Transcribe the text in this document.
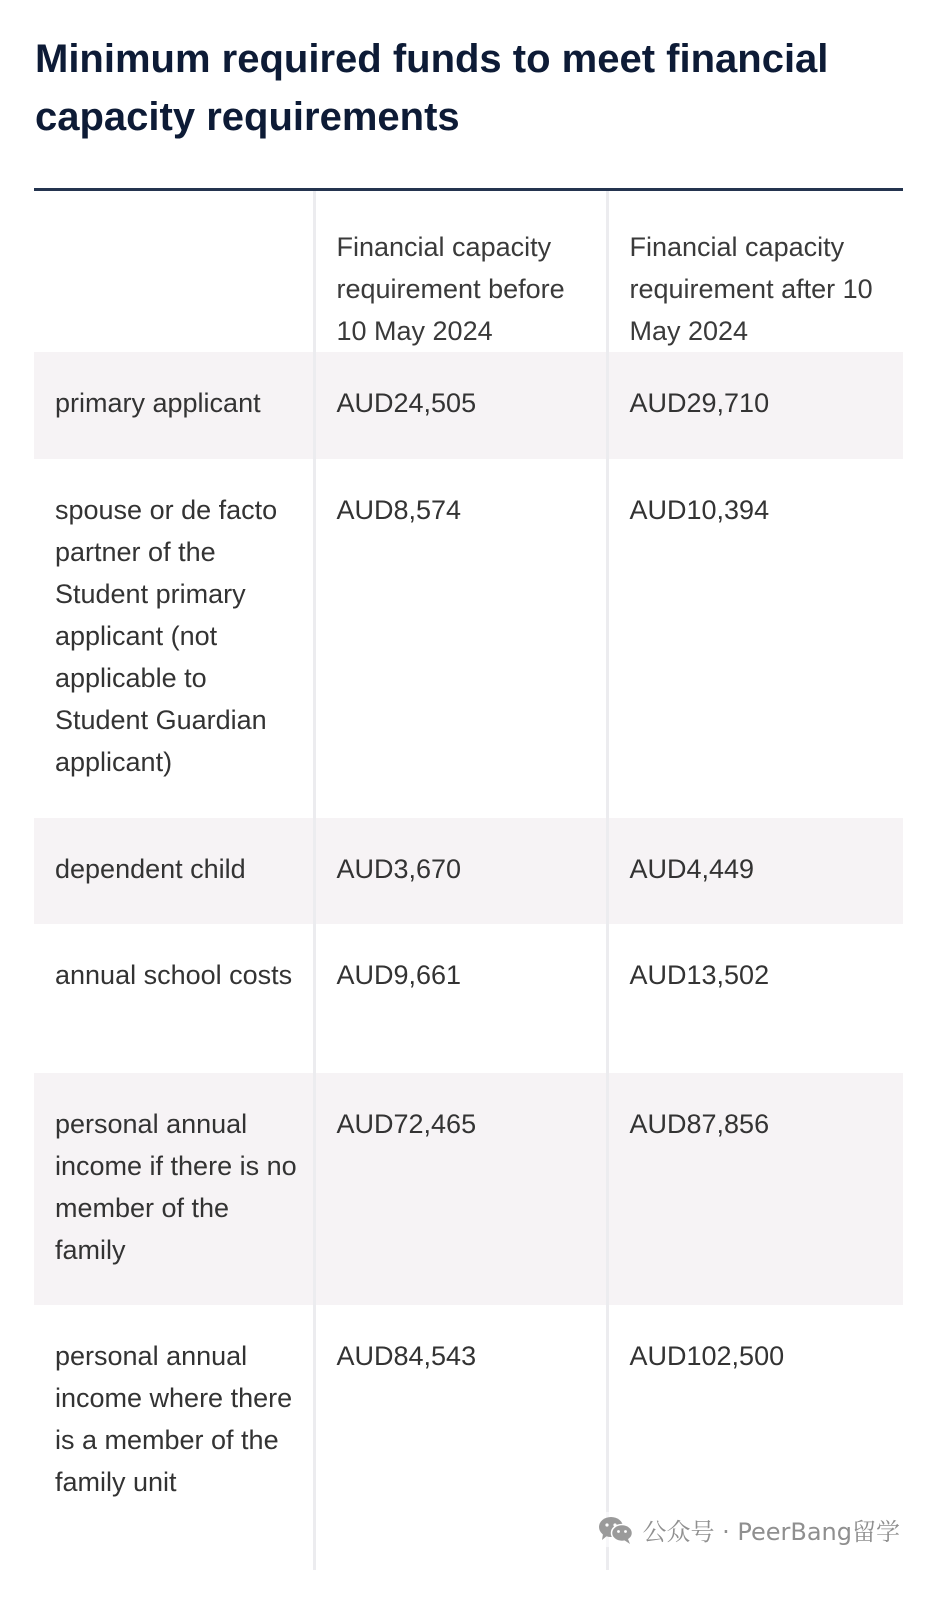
Minimum required funds to meet financial capacity requirements
	Financial capacity requirement before 10 May 2024	Financial capacity requirement after 10 May 2024
primary applicant	AUD24,505	AUD29,710
spouse or de facto partner of the Student primary applicant (not applicable to Student Guardian applicant)	AUD8,574	AUD10,394
dependent child	AUD3,670	AUD4,449
annual school costs	AUD9,661	AUD13,502
personal annual income if there is no member of the family	AUD72,465	AUD87,856
personal annual income where there is a member of the family unit	AUD84,543	AUD102,500
公众号 · PeerBang留学
